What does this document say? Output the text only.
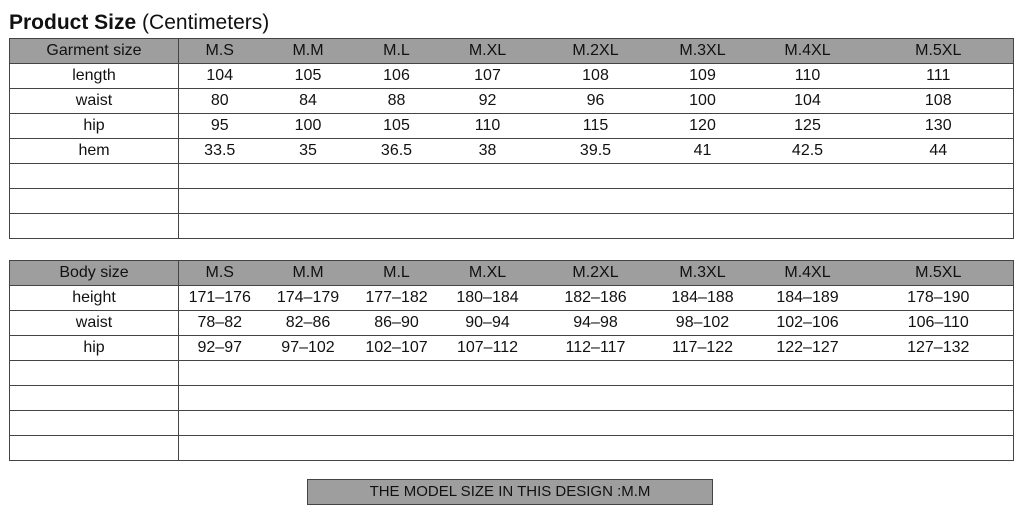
Product Size (Centimeters)
Garment size	M.S	M.M	M.L	M.XL	M.2XL	M.3XL	M.4XL	M.5XL
length	104	105	106	107	108	109	110	111
waist	80	84	88	92	96	100	104	108
hip	95	100	105	110	115	120	125	130
hem	33.5	35	36.5	38	39.5	41	42.5	44

Body size	M.S	M.M	M.L	M.XL	M.2XL	M.3XL	M.4XL	M.5XL
height	171–176	174–179	177–182	180–184	182–186	184–188	184–189	178–190
waist	78–82	82–86	86–90	90–94	94–98	98–102	102–106	106–110
hip	92–97	97–102	102–107	107–112	112–117	117–122	122–127	127–132

THE MODEL SIZE IN THIS DESIGN :M.M
